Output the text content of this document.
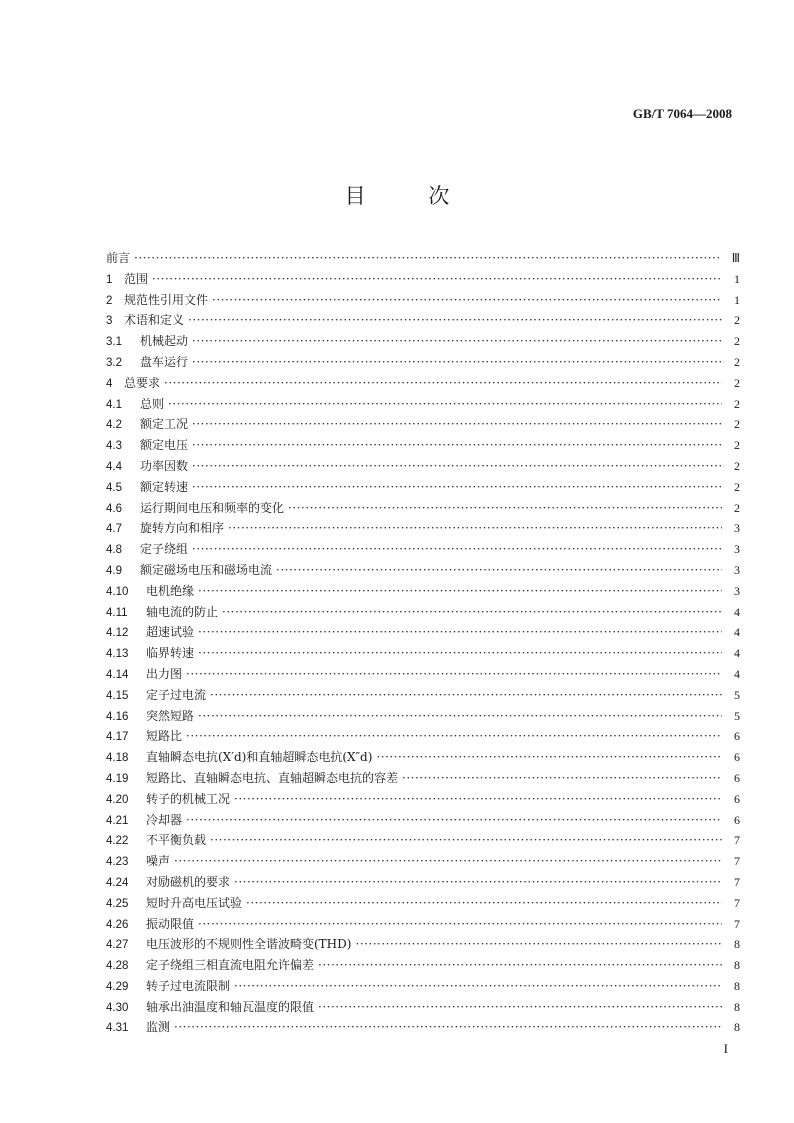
GB/T 7064—2008
目 次
前言 ·····	Ⅲ
1 范围 ·····	1
2 规范性引用文件 ·····	1
3 术语和定义 ·····	2
3.1	机械起动 ·····	2
3.2	盘车运行 ·····	2
4 总要求 ·····	2
4.1	总则 ·····	2
4.2	额定工况 ·····	2
4.3	额定电压 ·····	2
4.4	功率因数 ·····	2
4.5	额定转速 ·····	2
4.6	运行期间电压和频率的变化 ·····	2
4.7	旋转方向和相序 ·····	3
4.8	定子绕组 ·····	3
4.9	额定磁场电压和磁场电流 ·····	3
4.10	电机绝缘 ·····	3
4.11	轴电流的防止 ·····	4
4.12	超速试验 ·····	4
4.13	临界转速 ·····	4
4.14	出力图 ·····	4
4.15	定子过电流 ·····	5
4.16	突然短路 ·····	5
4.17	短路比 ·····	6
4.18	直轴瞬态电抗(X′d)和直轴超瞬态电抗(X″d) ·····	6
4.19	短路比、直轴瞬态电抗、直轴超瞬态电抗的容差 ·····	6
4.20	转子的机械工况 ·····	6
4.21	冷却器 ·····	6
4.22	不平衡负载 ·····	7
4.23	噪声 ·····	7
4.24	对励磁机的要求 ·····	7
4.25	短时升高电压试验 ·····	7
4.26	振动限值 ·····	7
4.27	电压波形的不规则性全谐波畸变(THD) ·····	8
4.28	定子绕组三相直流电阻允许偏差 ·····	8
4.29	转子过电流限制 ·····	8
4.30	轴承出油温度和轴瓦温度的限值 ·····	8
4.31	监测 ·····	8
I
